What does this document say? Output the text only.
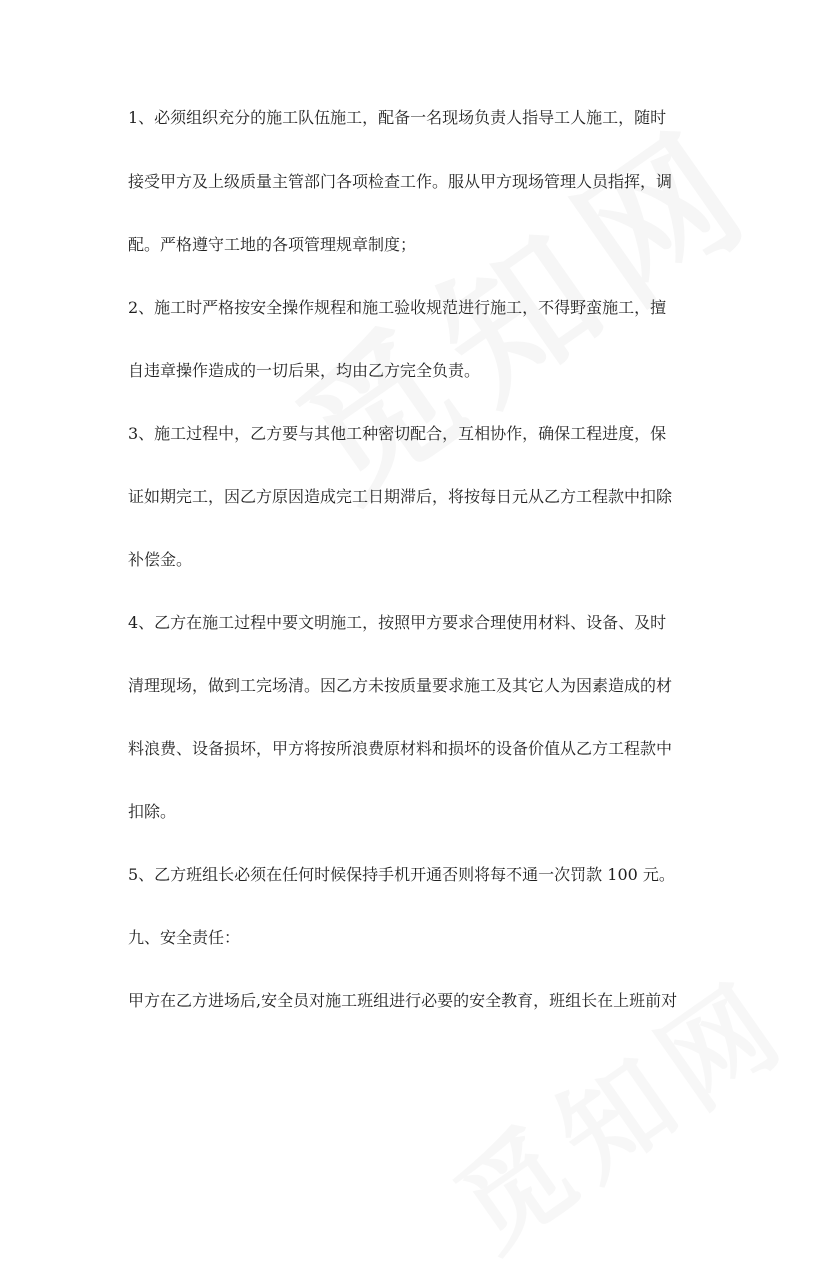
1、必须组织充分的施工队伍施工，配备一名现场负责人指导工人施工，随时
接受甲方及上级质量主管部门各项检查工作。服从甲方现场管理人员指挥，调
配。严格遵守工地的各项管理规章制度；
2、施工时严格按安全操作规程和施工验收规范进行施工，不得野蛮施工，擅
自违章操作造成的一切后果，均由乙方完全负责。
3、施工过程中，乙方要与其他工种密切配合，互相协作，确保工程进度，保
证如期完工，因乙方原因造成完工日期滞后，将按每日元从乙方工程款中扣除
补偿金。
4、乙方在施工过程中要文明施工，按照甲方要求合理使用材料、设备、及时
清理现场，做到工完场清。因乙方未按质量要求施工及其它人为因素造成的材
料浪费、设备损坏，甲方将按所浪费原材料和损坏的设备价值从乙方工程款中
扣除。
5、乙方班组长必须在任何时候保持手机开通否则将每不通一次罚款 100 元。
九、安全责任：
甲方在乙方进场后,安全员对施工班组进行必要的安全教育，班组长在上班前对
